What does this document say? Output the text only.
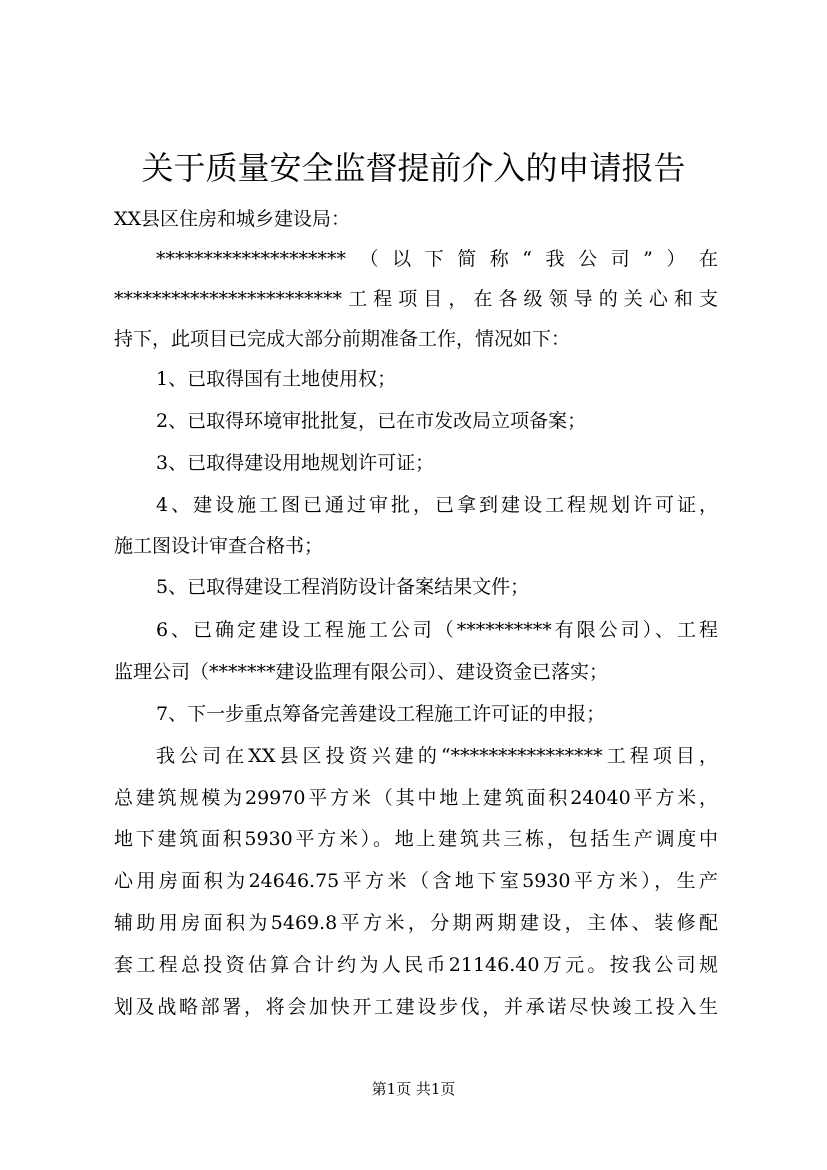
关于质量安全监督提前介入的申请报告
XX县区住房和城乡建设局：
********************（以下简称“我公司”）在
************************工程项目，在各级领导的关心和支
持下，此项目已完成大部分前期准备工作，情况如下：
1、已取得国有土地使用权；
2、已取得环境审批批复，已在市发改局立项备案；
3、已取得建设用地规划许可证；
4、建设施工图已通过审批，已拿到建设工程规划许可证，
施工图设计审查合格书；
5、已取得建设工程消防设计备案结果文件；
6、已确定建设工程施工公司（**********有限公司）、工程
监理公司（*******建设监理有限公司）、建设资金已落实；
7、下一步重点筹备完善建设工程施工许可证的申报；
我公司在XX县区投资兴建的“****************工程项目，
总建筑规模为29970平方米（其中地上建筑面积24040平方米，
地下建筑面积5930平方米）。地上建筑共三栋，包括生产调度中
心用房面积为24646.75平方米（含地下室5930平方米），生产
辅助用房面积为5469.8平方米，分期两期建设，主体、装修配
套工程总投资估算合计约为人民币21146.40万元。按我公司规
划及战略部署，将会加快开工建设步伐，并承诺尽快竣工投入生
第1页 共1页
